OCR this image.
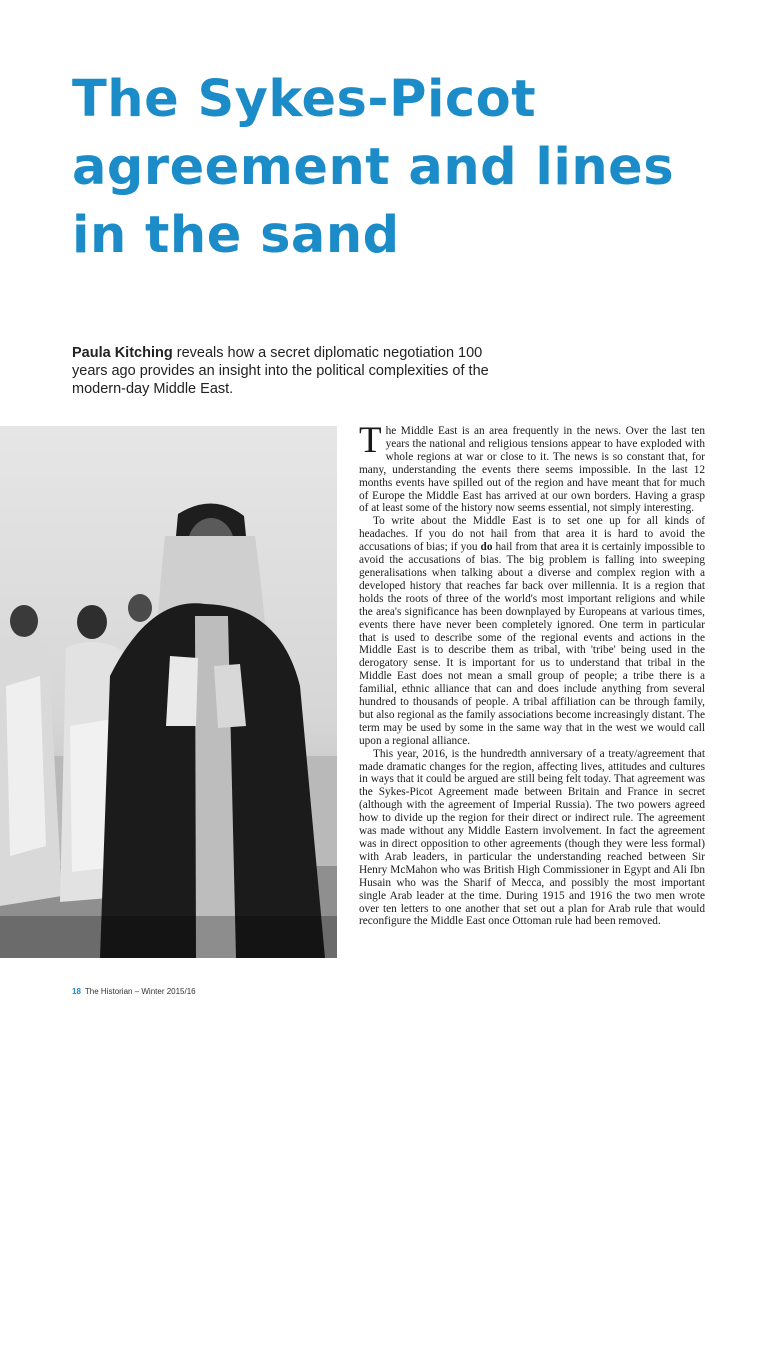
The Sykes-Picot
agreement and lines
in the sand

Paula Kitching reveals how a secret diplomatic negotiation 100 years ago provides an insight into the political complexities of the modern-day Middle East.

Faisal I bin Hussein bin Ali al-Hashimi.
IWM (Q 58877)

The Middle East is an area frequently in the news. Over the last ten years the national and religious tensions appear to have exploded with whole regions at war or close to it. The news is so constant that, for many, understanding the events there seems impossible. In the last 12 months events have spilled out of the region and have meant that for much of Europe the Middle East has arrived at our own borders. Having a grasp of at least some of the history now seems essential, not simply interesting.

To write about the Middle East is to set one up for all kinds of headaches. If you do not hail from that area it is hard to avoid the accusations of bias; if you do hail from that area it is certainly impossible to avoid the accusations of bias. The big problem is falling into sweeping generalisations when talking about a diverse and complex region with a developed history that reaches far back over millennia. It is a region that holds the roots of three of the world's most important religions and while the area's significance has been downplayed by Europeans at various times, events there have never been completely ignored. One term in particular that is used to describe some of the regional events and actions in the Middle East is to describe them as tribal, with 'tribe' being used in the derogatory sense. It is important for us to understand that tribal in the Middle East does not mean a small group of people; a tribe there is a familial, ethnic alliance that can and does include anything from several hundred to thousands of people. A tribal affiliation can be through family, but also regional as the family associations become increasingly distant. The term may be used by some in the same way that in the west we would call upon a regional alliance.

This year, 2016, is the hundredth anniversary of a treaty/agreement that made dramatic changes for the region, affecting lives, attitudes and cultures in ways that it could be argued are still being felt today. That agreement was the Sykes-Picot Agreement made between Britain and France in secret (although with the agreement of Imperial Russia). The two powers agreed how to divide up the region for their direct or indirect rule. The agreement was made without any Middle Eastern involvement. In fact the agreement was in direct opposition to other agreements (though they were less formal) with Arab leaders, in particular the understanding reached between Sir Henry McMahon who was British High Commissioner in Egypt and Ali Ibn Husain who was the Sharif of Mecca, and possibly the most important single Arab leader at the time. During 1915 and 1916 the two men wrote over ten letters to one another that set out a plan for Arab rule that would reconfigure the Middle East once Ottoman rule had been removed.

18 The Historian – Winter 2015/16
